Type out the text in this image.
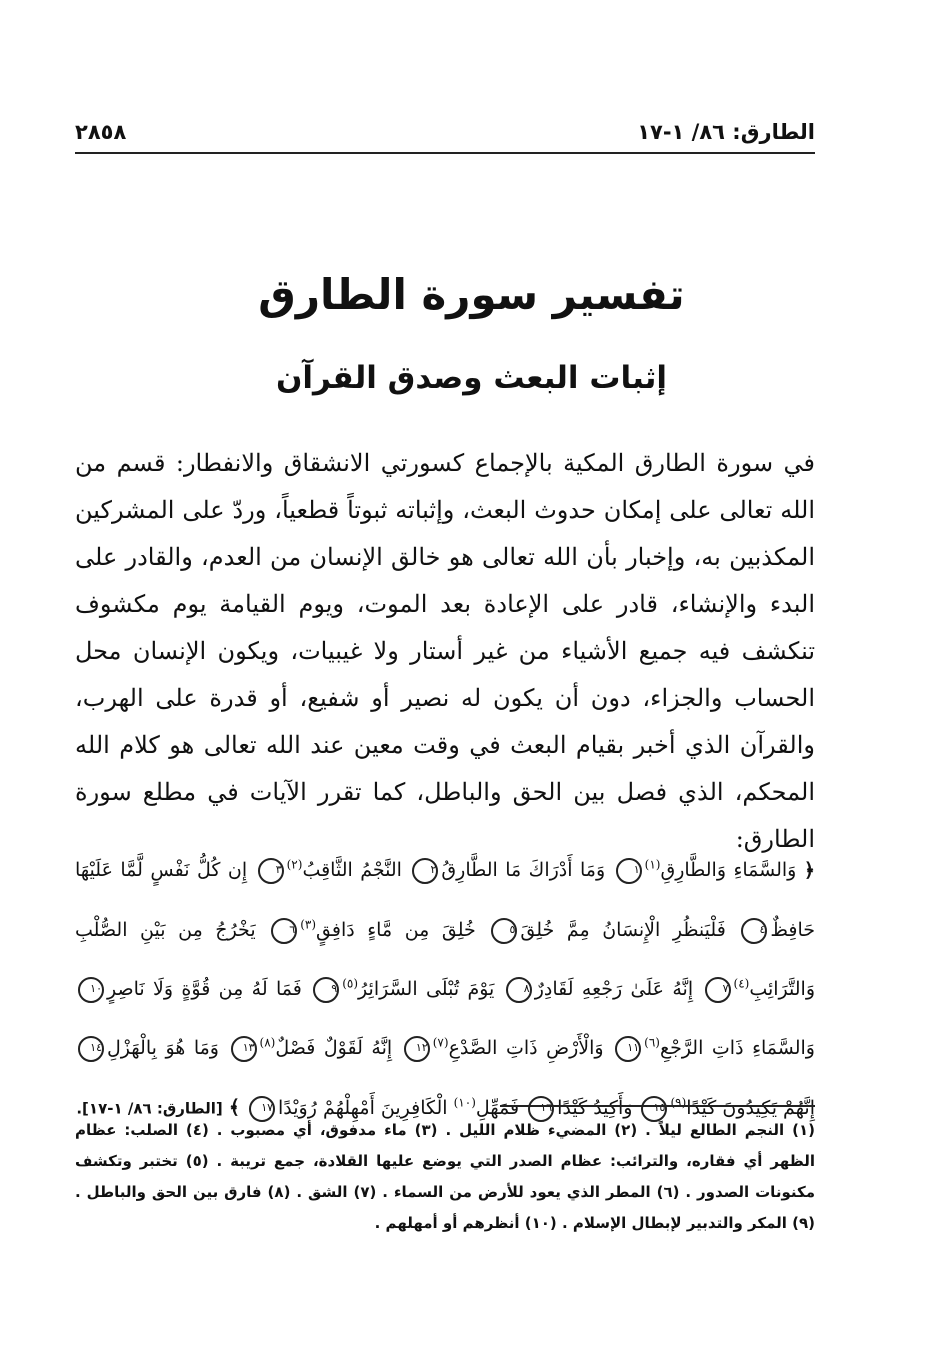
الطارق: ٨٦/ ١-١٧
٢٨٥٨
تفسير سورة الطارق
إثبات البعث وصدق القرآن

في سورة الطارق المكية بالإجماع كسورتي الانشقاق والانفطار: قسم من الله تعالى على إمكان حدوث البعث، وإثباته ثبوتاً قطعياً، وردّ على المشركين المكذبين به، وإخبار بأن الله تعالى هو خالق الإنسان من العدم، والقادر على البدء والإنشاء، قادر على الإعادة بعد الموت، ويوم القيامة يوم مكشوف تنكشف فيه جميع الأشياء من غير أستار ولا غيبيات، ويكون الإنسان محل الحساب والجزاء، دون أن يكون له نصير أو شفيع، أو قدرة على الهرب، والقرآن الذي أخبر بقيام البعث في وقت معين عند الله تعالى هو كلام الله المحكم، الذي فصل بين الحق والباطل، كما تقرر الآيات في مطلع سورة الطارق:

﴿ وَالسَّمَاءِ وَالطَّارِقِ$^{(١)}$١ وَمَا أَدْرَاكَ مَا الطَّارِقُ٢ النَّجْمُ الثَّاقِبُ$^{(٢)}$٣ إِن كُلُّ نَفْسٍ لَّمَّا عَلَيْهَا حَافِظٌ٤ فَلْيَنظُرِ الْإِنسَانُ مِمَّ خُلِقَ٥ خُلِقَ مِن مَّاءٍ دَافِقٍ$^{(٣)}$٦ يَخْرُجُ مِن بَيْنِ الصُّلْبِ وَالتَّرَائِبِ$^{(٤)}$٧ إِنَّهُ عَلَىٰ رَجْعِهِ لَقَادِرٌ٨ يَوْمَ تُبْلَى السَّرَائِرُ$^{(٥)}$٩ فَمَا لَهُ مِن قُوَّةٍ وَلَا نَاصِرٍ١٠ وَالسَّمَاءِ ذَاتِ الرَّجْعِ$^{(٦)}$١١ وَالْأَرْضِ ذَاتِ الصَّدْعِ$^{(٧)}$١٢ إِنَّهُ لَقَوْلٌ فَصْلٌ$^{(٨)}$١٣ وَمَا هُوَ بِالْهَزْلِ١٤ إِنَّهُمْ يَكِيدُونَ كَيْدًا$^{(٩)}$١٥ وَأَكِيدُ كَيْدًا١٦ فَمَهِّلِ$^{(١٠)}$ الْكَافِرِينَ أَمْهِلْهُمْ رُوَيْدًا١٧ ﴾ [الطارق: ٨٦/ ١-١٧].

(١) النجم الطالع ليلاً . (٢) المضيء ظلام الليل . (٣) ماء مدفوق، أي مصبوب . (٤) الصلب: عظام الظهر أي فقاره، والترائب: عظام الصدر التي يوضع عليها القلادة، جمع تريبة . (٥) تختبر وتكشف مكنونات الصدور . (٦) المطر الذي يعود للأرض من السماء . (٧) الشق . (٨) فارق بين الحق والباطل . (٩) المكر والتدبير لإبطال الإسلام . (١٠) أنظرهم أو أمهلهم .
